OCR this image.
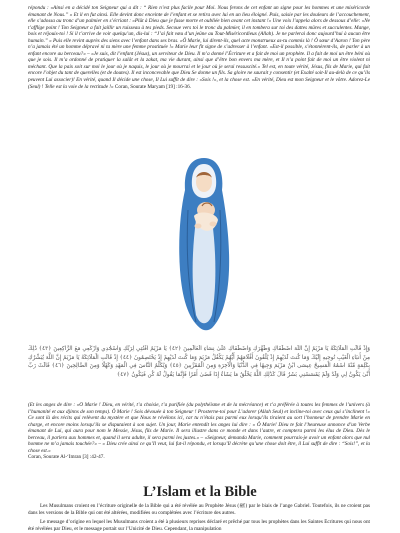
répondu : «Ainsi en a décidé ton Seigneur qui a dit : “ Rien n’est plus facile pour Moi. Nous ferons de cet enfant un signe pour les hommes et une miséricorde émanant de Nous.” » Et il en fut ainsi. Elle devint donc enceinte de l’enfant et se retira avec lui en un lieu éloigné. Puis, saisie par les douleurs de l’accouchement, elle s’adossa au tronc d’un palmier en s’écriant : «Plût à Dieu que je fusse morte et oubliée bien avant cet instant !» Une voix l’appela alors de dessous d’elle: «Ne t’afflige point ! Ton Seigneur a fait jaillir un ruisseau à tes pieds. Secoue vers toi le tronc du palmier, il en tombera sur toi des dattes mûres et succulentes. Mange, bois et réjouis-toi ! Si il t’arrive de voir quelqu’un, dis-lui : “J’ai fait vœu d’un jeûne au Tout-Miséricordieux (Allah). Je ne parlerai donc aujourd’hui à aucun être humain.” » Puis elle revint auprès des siens avec l’enfant dans ses bras. «Ô Marie, lui dirent-ils, quel acte monstrueux as-tu commis là ! Ô sœur d’Aaron ! Ton père n’a jamais été un homme dépravé ni ta mère une femme prostituée !» Marie leur fit signe de s’adresser à l’enfant. «Est-il possible, s’étonnèrent-ils, de parler à un enfant encore au berceau?» – «Je suis, dit l’enfant (Jésus), un serviteur de Dieu. Il m’a donné l’Écriture et a fait de moi un prophète. Il a fait de moi un être béni où que je sois. Il m’a ordonné de pratiquer la salât et la zakat, ma vie durant, ainsi que d’être bon envers ma mère, et Il n’a point fait de moi un être violent ni méchant. Que la paix soit sur moi le jour où je naquis, le jour où je mourrai et le jour où je serai ressuscité.» Tel est, en toute vérité, Jésus, fils de Marie, qui fait encore l’objet du tant de querelles (et de doutes). Il est inconcevable que Dieu Se donne un fils. Sa gloire ne saurait y consentir (et Exalté soit-Il au-delà de ce qu’ils peuvent Lui associer)! En vérité, quand Il décide une chose, Il Lui suffit de dire : «Sois !», et la chose est. «En vérité, Dieu est mon Seigneur et le vôtre. Adorez-Le (Seul) ! Telle est la voie de la rectitude !» Coran, Sourate Maryam [19] :16-36.

وَإِذْ قَالَتِ الْمَلَائِكَةُ يَا مَرْيَمُ إِنَّ اللَّهَ اصْطَفَاكِ وَطَهَّرَكِ وَاصْطَفَاكِ عَلَىٰ نِسَاءِ الْعَالَمِينَ ﴿٤٢﴾ يَا مَرْيَمُ اقْنُتِي لِرَبِّكِ وَاسْجُدِي وَارْكَعِي مَعَ الرَّاكِعِينَ ﴿٤٣﴾ ذَٰلِكَ مِنْ أَنبَاءِ الْغَيْبِ نُوحِيهِ إِلَيْكَ وَمَا كُنتَ لَدَيْهِمْ إِذْ يُلْقُونَ أَقْلَامَهُمْ أَيُّهُمْ يَكْفُلُ مَرْيَمَ وَمَا كُنتَ لَدَيْهِمْ إِذْ يَخْتَصِمُونَ ﴿٤٤﴾ إِذْ قَالَتِ الْمَلَائِكَةُ يَا مَرْيَمُ إِنَّ اللَّهَ يُبَشِّرُكِ بِكَلِمَةٍ مِّنْهُ اسْمُهُ الْمَسِيحُ عِيسَى ابْنُ مَرْيَمَ وَجِيهًا فِي الدُّنْيَا وَالْآخِرَةِ وَمِنَ الْمُقَرَّبِينَ ﴿٤٥﴾ وَيُكَلِّمُ النَّاسَ فِي الْمَهْدِ وَكَهْلًا وَمِنَ الصَّالِحِينَ ﴿٤٦﴾ قَالَتْ رَبِّ أَنَّىٰ يَكُونُ لِي وَلَدٌ وَلَمْ يَمْسَسْنِي بَشَرٌ قَالَ كَذَٰلِكِ اللَّهُ يَخْلُقُ مَا يَشَاءُ إِذَا قَضَىٰ أَمْرًا فَإِنَّمَا يَقُولُ لَهُ كُن فَيَكُونُ ﴿٤٧﴾

(Et les anges de dire : «Ô Marie ! Dieu, en vérité, t’a choisie, t’a purifiée (du polythéisme et de la mécréance) et t’a préférée à toutes les femmes de l’univers (à l’humanité et aux djinns de son temps). Ô Marie ! Sois dévouée à ton Seigneur ! Prosterne-toi pour L’adorer (Allah Seul) et incline-toi avec ceux qui s’inclinent !» Ce sont là des récits qui relèvent du mystère et que Nous te révélons ici, car tu n’étais pas parmi eux lorsqu’ils tiraient au sort l’honneur de prendre Marie en charge, et encore moins lorsqu’ils se disputaient à son sujet. Un jour, Marie entendit les anges lui dire : « Ô Marie! Dieu te fait l’heureuse annonce d’un Verbe émanant de Lui, qui aura pour nom le Messie, Jésus, fils de Marie. Il sera illustre dans ce monde et dans l’autre, et comptera parmi les élus de Dieu. Dès le berceau, il parlera aux hommes et, quand il sera adulte, il sera parmi les justes.» – «Seigneur, demanda Marie, comment pourrais-je avoir un enfant alors que nul homme ne m’a jamais touchée?» – « Dieu crée ainsi ce qu’Il veut, lui fut-il répondu, et lorsqu’Il décrète qu’une chose doit être, il Lui suffit de dire : “Sois!”, et la chose est.»
Coran, Sourate Al-‘Imran [3] :42-47.

L’Islam et la Bible

Les Musulmans croient en l’écriture originelle de la Bible qui a été révélée au Prophète Jésus (ﷺ) par le biais de l’ange Gabriel. Toutefois, ils ne croient pas dans les versions de la Bible qui ont été altérées, modifiées ou complétées avec l’écriture des autres.

Le message d’origine en lequel les Musulmans croient a été à plusieurs reprises déclaré et prêché par tous les prophètes dans les Saintes Écritures qui nous ont été révélées par Dieu, et le message portait sur l’Unicité de Dieu. Cependant, la manipulation
